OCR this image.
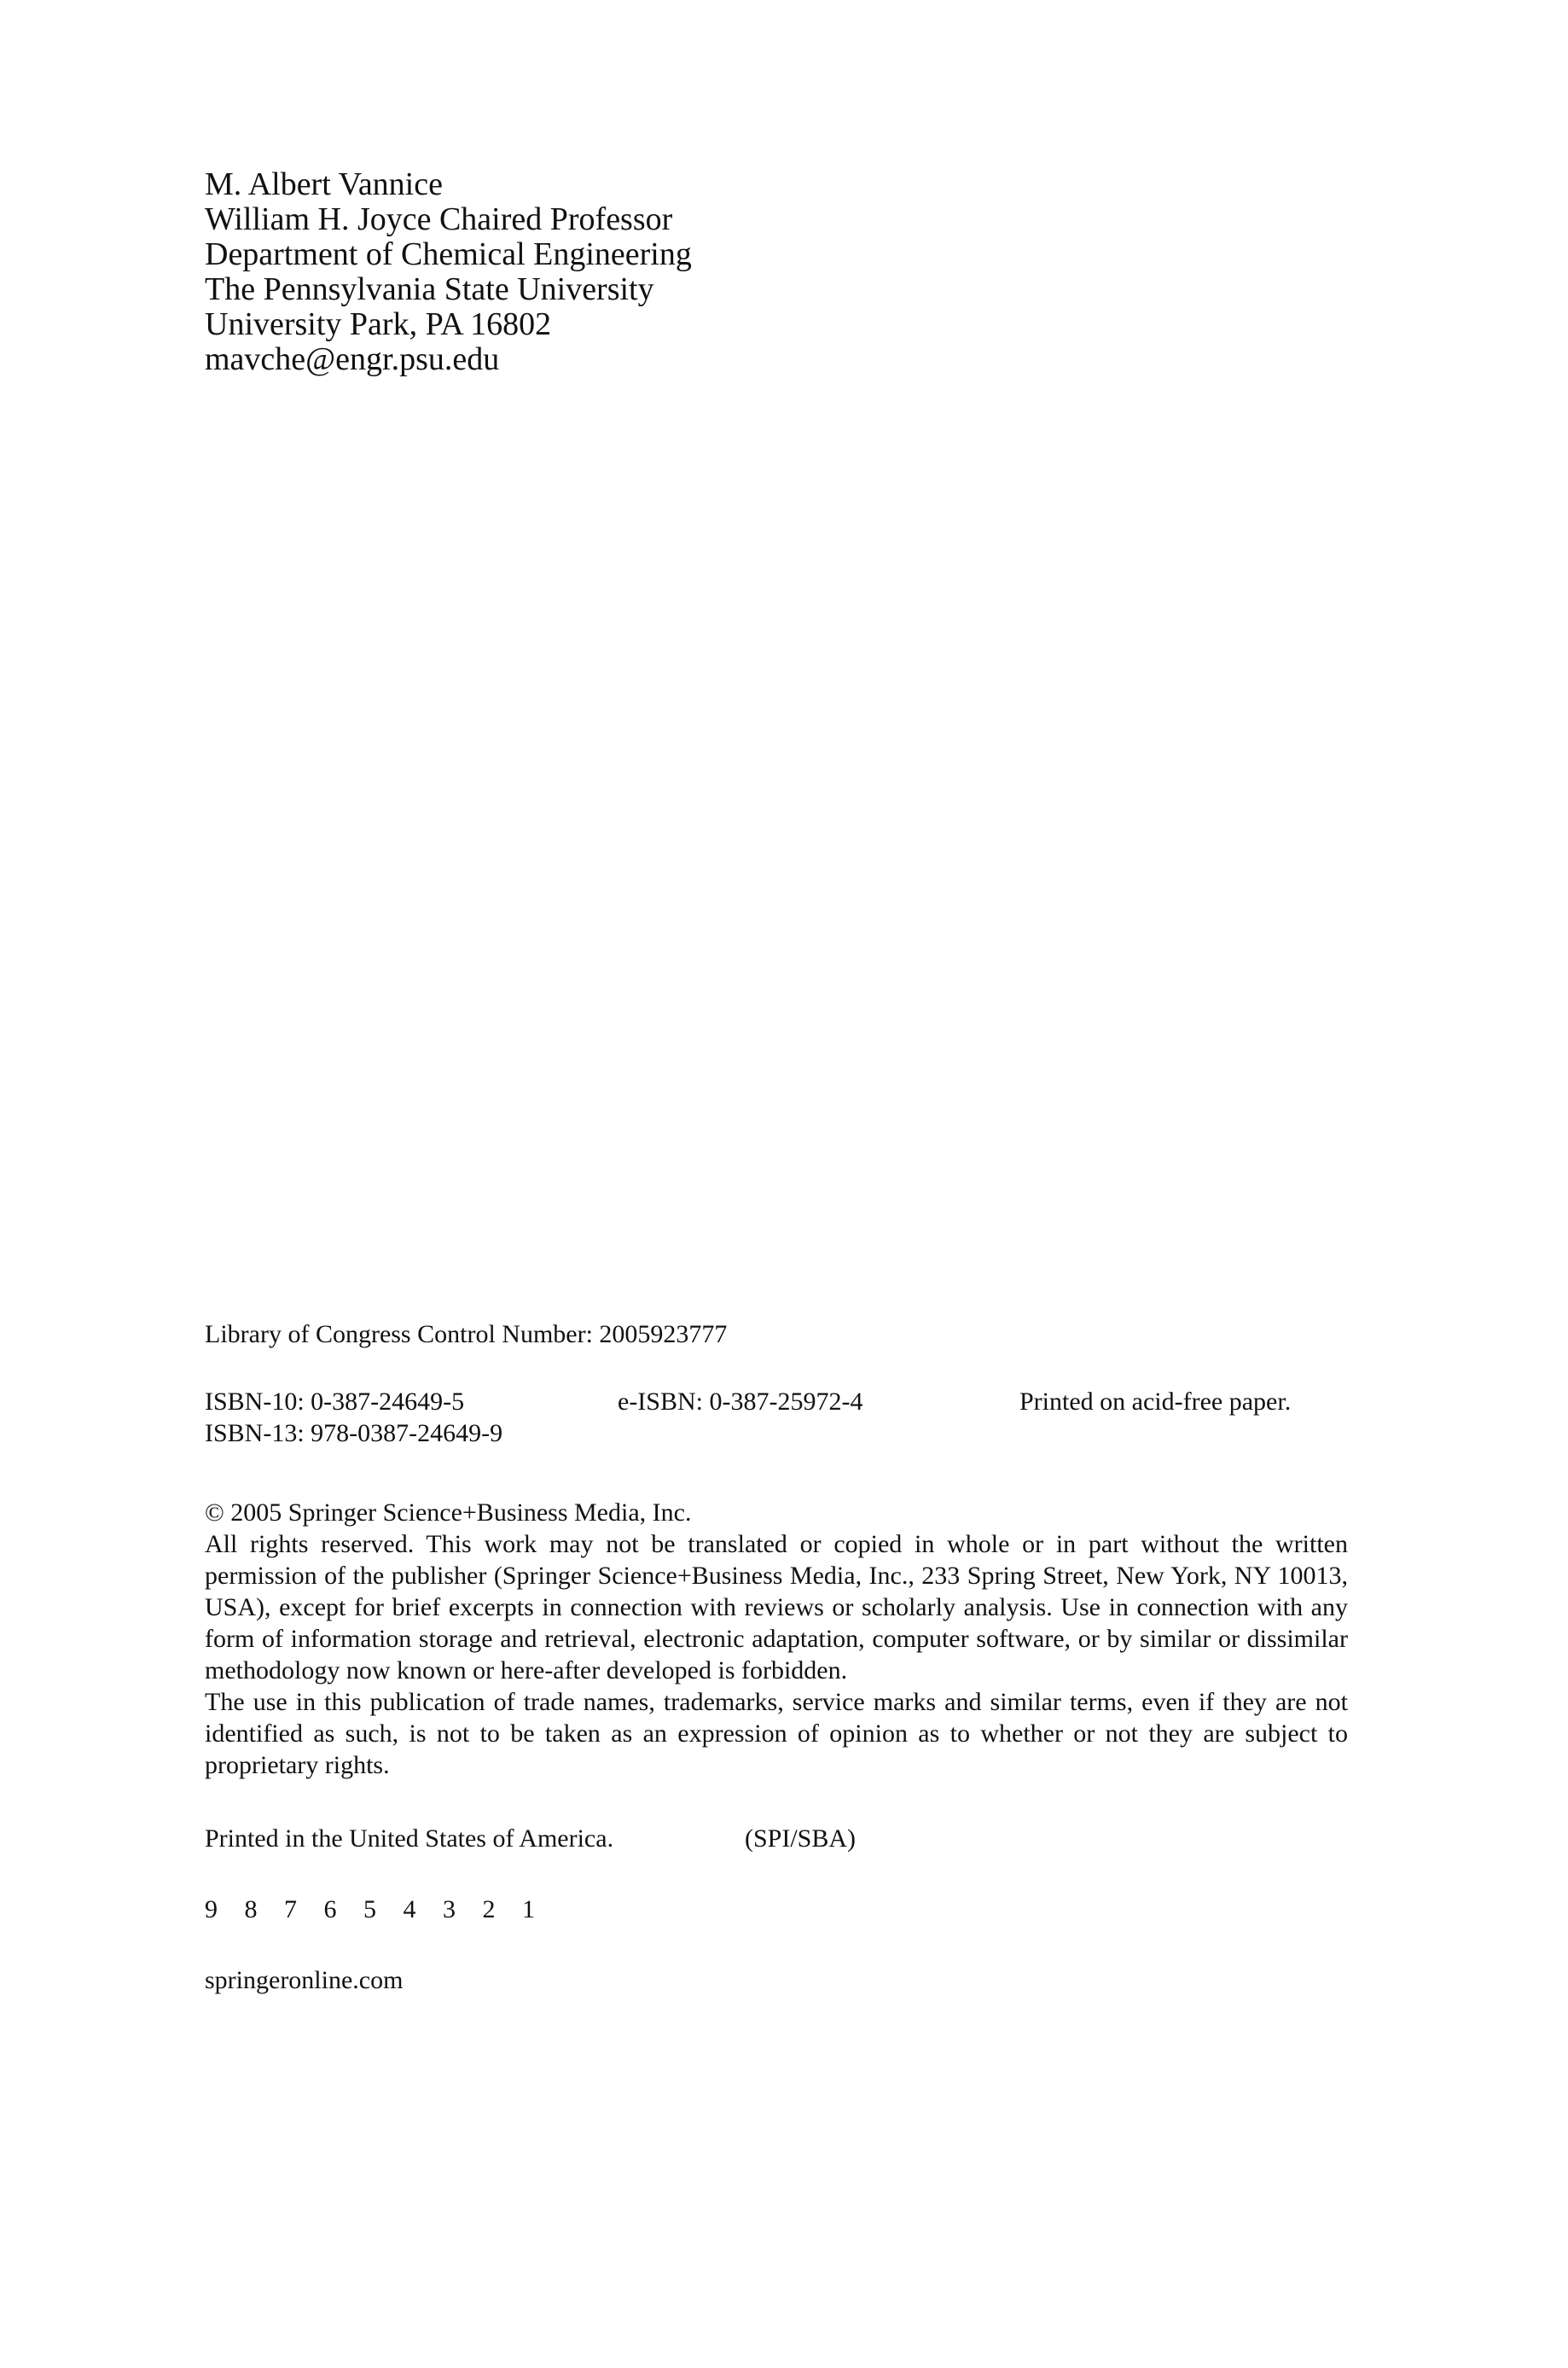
M. Albert Vannice
William H. Joyce Chaired Professor
Department of Chemical Engineering
The Pennsylvania State University
University Park, PA 16802
mavche@engr.psu.edu
Library of Congress Control Number: 2005923777
ISBN-10: 0-387-24649-5
ISBN-13: 978-0387-24649-9
e-ISBN: 0-387-25972-4	Printed on acid-free paper.
© 2005 Springer Science+Business Media, Inc.
All rights reserved. This work may not be translated or copied in whole or in part without the written permission of the publisher (Springer Science+Business Media, Inc., 233 Spring Street, New York, NY 10013, USA), except for brief excerpts in connection with reviews or scholarly analysis. Use in connection with any form of information storage and retrieval, electronic adaptation, computer software, or by similar or dissimilar methodology now known or here-after developed is forbidden.
The use in this publication of trade names, trademarks, service marks and similar terms, even if they are not identified as such, is not to be taken as an expression of opinion as to whether or not they are subject to proprietary rights.
Printed in the United States of America.	(SPI/SBA)
9 8 7 6 5 4 3 2 1
springeronline.com
